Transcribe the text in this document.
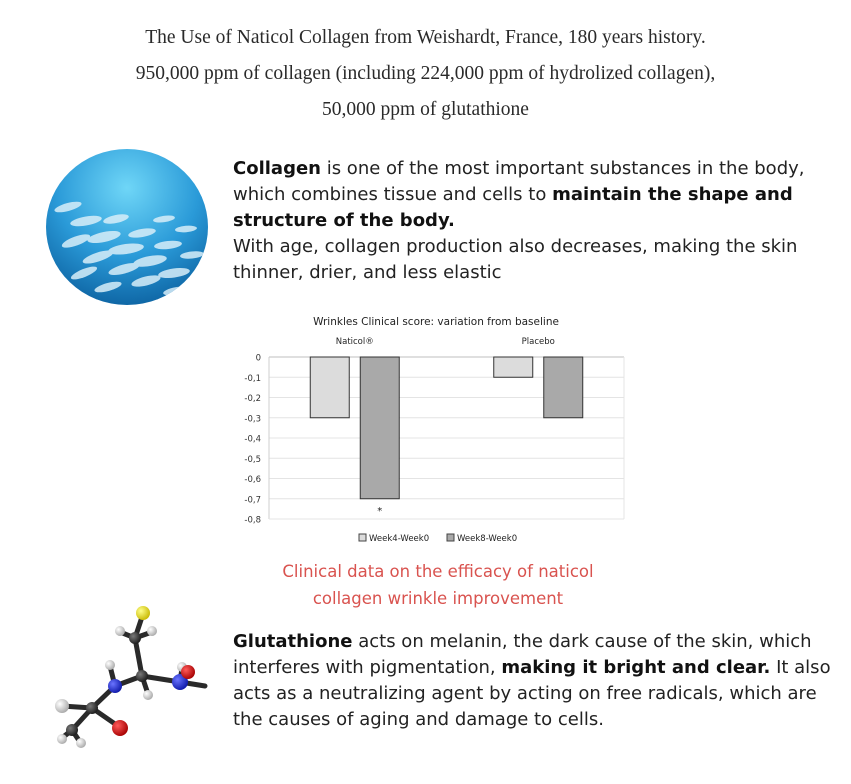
The Use of Naticol Collagen from Weishardt, France, 180 years history.
950,000 ppm of collagen (including 224,000 ppm of hydrolized collagen),
50,000 ppm of glutathione
Collagen is one of the most important substances in the body, which combines tissue and cells to maintain the shape and structure of the body.
With age, collagen production also decreases, making the skin thinner, drier, and less elastic
Wrinkles Clinical score: variation from baseline
0
-0,1
-0,2
-0,3
-0,4
-0,5
-0,6
-0,7
-0,8
Naticol®
*
Placebo
Week4-Week0	Week8-Week0
Clinical data on the efficacy of naticol
collagen wrinkle improvement
Glutathione acts on melanin, the dark cause of the skin, which interferes with pigmentation, making it bright and clear. It also acts as a neutralizing agent by acting on free radicals, which are the causes of aging and damage to cells.
